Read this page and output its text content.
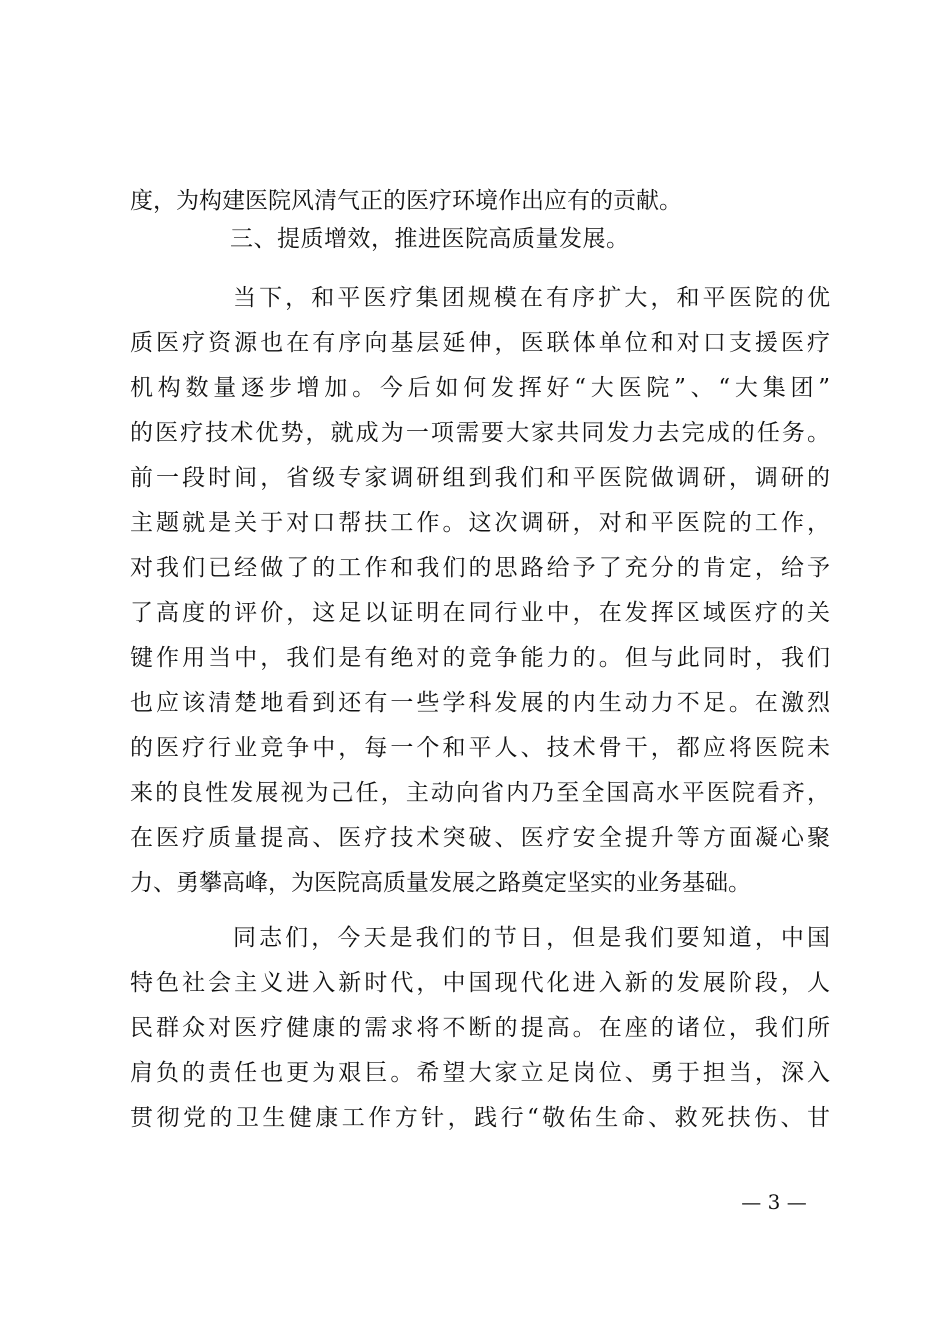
度，为构建医院风清气正的医疗环境作出应有的贡献。
三、提质增效，推进医院高质量发展。
当下，和平医疗集团规模在有序扩大，和平医院的优
质医疗资源也在有序向基层延伸，医联体单位和对口支援医疗
机构数量逐步增加。今后如何发挥好“大医院”、“大集团”
的医疗技术优势，就成为一项需要大家共同发力去完成的任务。
前一段时间，省级专家调研组到我们和平医院做调研，调研的
主题就是关于对口帮扶工作。这次调研，对和平医院的工作，
对我们已经做了的工作和我们的思路给予了充分的肯定，给予
了高度的评价，这足以证明在同行业中，在发挥区域医疗的关
键作用当中，我们是有绝对的竞争能力的。但与此同时，我们
也应该清楚地看到还有一些学科发展的内生动力不足。在激烈
的医疗行业竞争中，每一个和平人、技术骨干，都应将医院未
来的良性发展视为己任，主动向省内乃至全国高水平医院看齐，
在医疗质量提高、医疗技术突破、医疗安全提升等方面凝心聚
力、勇攀高峰，为医院高质量发展之路奠定坚实的业务基础。
同志们，今天是我们的节日，但是我们要知道，中国
特色社会主义进入新时代，中国现代化进入新的发展阶段，人
民群众对医疗健康的需求将不断的提高。在座的诸位，我们所
肩负的责任也更为艰巨。希望大家立足岗位、勇于担当，深入
贯彻党的卫生健康工作方针，践行“敬佑生命、救死扶伤、甘
— 3 —
